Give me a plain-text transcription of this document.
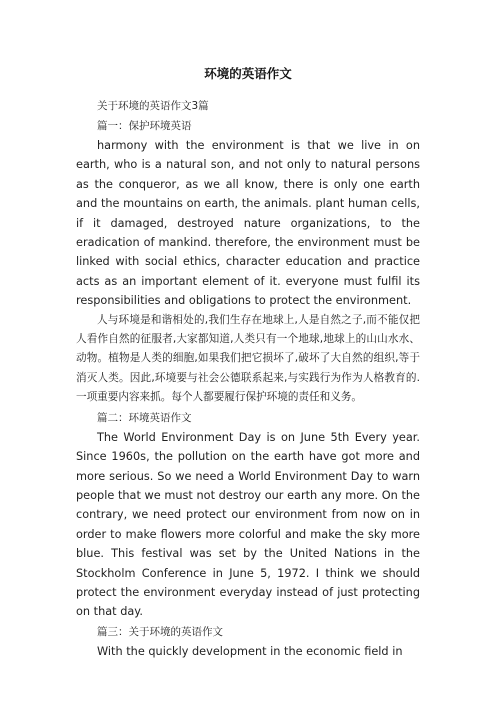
环境的英语作文

关于环境的英语作文3篇

篇一：保护环境英语

harmony with the environment is that we live in on earth, who is a natural son, and not only to natural persons as the conqueror, as we all know, there is only one earth and the mountains on earth, the animals. plant human cells, if it damaged, destroyed nature organizations, to the eradication of mankind. therefore, the environment must be linked with social ethics, character education and practice acts as an important element of it. everyone must fulfil its responsibilities and obligations to protect the environment.

人与环境是和谐相处的,我们生存在地球上,人是自然之子,而不能仅把人看作自然的征服者,大家都知道,人类只有一个地球,地球上的山山水水、动物。植物是人类的细胞,如果我们把它损坏了,破坏了大自然的组织,等于消灭人类。因此,环境要与社会公德联系起来,与实践行为作为人格教育的.一项重要内容来抓。每个人都要履行保护环境的责任和义务。

篇二：环境英语作文

The World Environment Day is on June 5th Every year. Since 1960s, the pollution on the earth have got more and more serious. So we need a World Environment Day to warn people that we must not destroy our earth any more. On the contrary, we need protect our environment from now on in order to make flowers more colorful and make the sky more blue. This festival was set by the United Nations in the Stockholm Conference in June 5, 1972. I think we should protect the environment everyday instead of just protecting on that day.

篇三：关于环境的英语作文

With the quickly development in the economic field in
